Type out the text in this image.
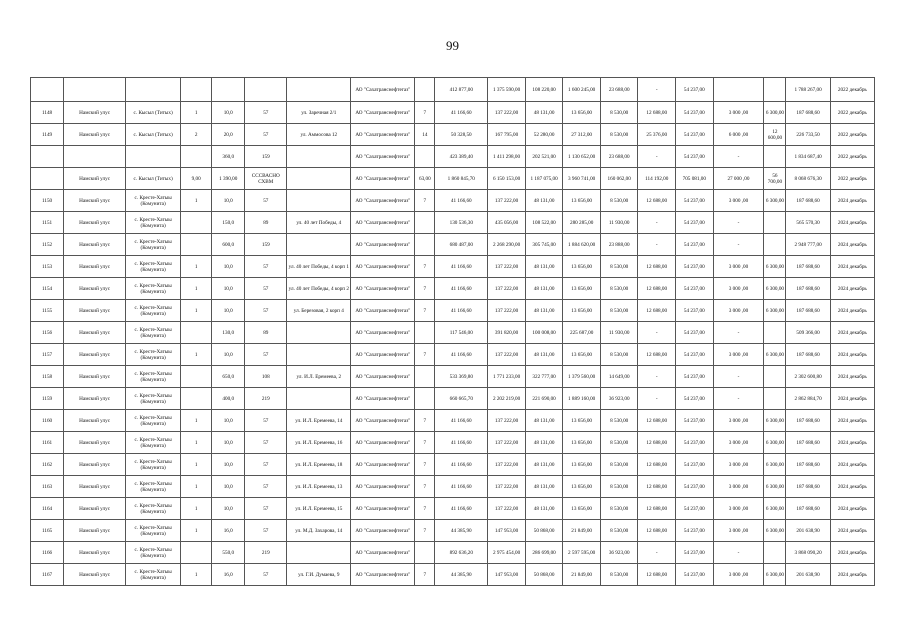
99
							АО "Сахатранснефтегаз"		412 877,00	1 375 590,00	108 220,00	1 600 245,00	23 688,00	-	54 237,00			1 788 267,00	2022 декабрь
1148	Намский улус	с. Кысыл (Титых)	1	10,0	57	ул. Заречная 2/1	АО "Сахатранснефтегаз"	7	41 166,60	137 222,00	48 131,00	13 656,00	8 530,00	12 688,00	54 237,00	3 000 ,00	6 300,00	187 688,60	2022 декабрь
1149	Намский улус	с. Кысыл (Титых)	2	20,0	57	ул. Аммосова 12	АО "Сахатранснефтегаз"	14	50 328,50	167 795,00	52 280,00	27 312,00	8 530,00	25 376,00	54 237,00	6 000 ,00	12 600,00	226 733,50	2022 декабрь
				360,0	159		АО "Сахатранснефтегаз"		423 389,40	1 411 298,00	202 521,00	1 130 652,00	23 688,00	-	54 237,00	-		1 834 687,40	2022 декабрь
	Намский улус	с. Кысыл (Титых)	9,00	1 390,00	СССВАСНО СХВМ		АО "Сахатранснефтегаз"	63,00	1 860 845,70	6 150 153,00	1 187 075,00	3 960 741,00	160 062,00	114 192,00	705 081,00	27 000 ,00	56 700,00	8 068 676,30	2022 декабрь
1150	Намский улус	с. Кресте-Хатыы (Комунита)	1	10,0	57		АО "Сахатранснефтегаз"	7	41 166,60	137 222,00	48 131,00	13 656,00	8 530,00	12 688,00	54 237,00	3 000 ,00	6 300,00	187 688,60	2024 декабрь
1151	Намский улус	с. Кресте-Хатыы (Комунита)		150,0	89	ул. 40 лет Победы, 4	АО "Сахатранснефтегаз"		130 536,30	435 056,00	108 522,00	280 285,00	11 930,00	-	54 237,00	-		565 570,30	2024 декабрь
1152	Намский улус	с. Кресте-Хатыы (Комунита)		600,0	159		АО "Сахатранснефтегаз"		680 487,00	2 268 290,00	305 745,00	1 884 620,00	23 888,00	-	54 237,00	-		2 948 777,00	2024 декабрь
1153	Намский улус	с. Кресте-Хатыы (Комунита)	1	10,0	57	ул. 40 лет Победы, 4 корп 1	АО "Сахатранснефтегаз"	7	41 166,60	137 222,00	48 131,00	13 656,00	8 530,00	12 688,00	54 237,00	3 000 ,00	6 300,00	187 688,60	2024 декабрь
1154	Намский улус	с. Кресте-Хатыы (Комунита)	1	10,0	57	ул. 40 лет Победы, 4 корп 2	АО "Сахатранснефтегаз"	7	41 166,60	137 222,00	48 131,00	13 656,00	8 530,00	12 688,00	54 237,00	3 000 ,00	6 300,00	187 688,60	2024 декабрь
1155	Намский улус	с. Кресте-Хатыы (Комунита)	1	10,0	57	ул. Березовая, 2 корп 4	АО "Сахатранснефтегаз"	7	41 166,60	137 222,00	48 131,00	13 656,00	8 530,00	12 688,00	54 237,00	3 000 ,00	6 300,00	187 688,60	2024 декабрь
1156	Намский улус	с. Кресте-Хатыы (Комунита)		130,0	89		АО "Сахатранснефтегаз"		117 546,00	391 820,00	100 008,00	225 687,00	11 930,00	-	54 237,00	-		509 366,00	2024 декабрь
1157	Намский улус	с. Кресте-Хатыы (Комунита)	1	10,0	57		АО "Сахатранснефтегаз"	7	41 166,60	137 222,00	48 131,00	13 656,00	8 530,00	12 688,00	54 237,00	3 000 ,00	6 300,00	187 688,60	2024 декабрь
1158	Намский улус	с. Кресте-Хатыы (Комунита)		650,0	108	ул. И.Л. Еремеева, 2	АО "Сахатранснефтегаз"		533 369,80	1 771 233,00	322 777,00	1 379 560,00	14 649,00	-	54 237,00	-		2 302 600,80	2024 декабрь
1159	Намский улус	с. Кресте-Хатыы (Комунита)		400,0	219		АО "Сахатранснефтегаз"		660 665,70	2 202 219,00	221 690,00	1 889 160,00	36 923,00	-	54 237,00	-		2 862 884,70	2024 декабрь
1160	Намский улус	с. Кресте-Хатыы (Комунита)	1	10,0	57	ул. И.Л. Еремеева, 14	АО "Сахатранснефтегаз"	7	41 166,60	137 222,00	48 131,00	13 656,00	8 530,00	12 688,00	54 237,00	3 000 ,00	6 300,00	187 688,60	2024 декабрь
1161	Намский улус	с. Кресте-Хатыы (Комунита)	1	10,0	57	ул. И.Л. Еремеева, 16	АО "Сахатранснефтегаз"	7	41 166,60	137 222,00	48 131,00	13 656,00	8 530,00	12 688,00	54 237,00	3 000 ,00	6 300,00	187 688,60	2024 декабрь
1162	Намский улус	с. Кресте-Хатыы (Комунита)	1	10,0	57	ул. И.Л. Еремеева, 18	АО "Сахатранснефтегаз"	7	41 166,60	137 222,00	48 131,00	13 656,00	8 530,00	12 688,00	54 237,00	3 000 ,00	6 300,00	187 688,60	2024 декабрь
1163	Намский улус	с. Кресте-Хатыы (Комунита)	1	10,0	57	ул. И.Л. Еремеева, 13	АО "Сахатранснефтегаз"	7	41 166,60	137 222,00	48 131,00	13 656,00	8 530,00	12 688,00	54 237,00	3 000 ,00	6 300,00	187 688,60	2024 декабрь
1164	Намский улус	с. Кресте-Хатыы (Комунита)	1	10,0	57	ул. И.Л. Еремеева, 15	АО "Сахатранснефтегаз"	7	41 166,60	137 222,00	48 131,00	13 656,00	8 530,00	12 688,00	54 237,00	3 000 ,00	6 300,00	187 688,60	2024 декабрь
1165	Намский улус	с. Кресте-Хатыы (Комунита)	1	16,0	57	ул. М.Д. Захарова, 14	АО "Сахатранснефтегаз"	7	44 385,90	147 953,00	50 868,00	21 849,00	8 530,00	12 688,00	54 237,00	3 000 ,00	6 300,00	201 638,90	2024 декабрь
1166	Намский улус	с. Кресте-Хатыы (Комунита)		550,0	219		АО "Сахатранснефтегаз"		892 636,20	2 975 454,00	286 699,00	2 597 595,00	36 923,00	-	54 237,00	-		3 868 090,20	2024 декабрь
1167	Намский улус	с. Кресте-Хатыы (Комунита)	1	16,0	57	ул. Г.И. Думаева, 9	АО "Сахатранснефтегаз"	7	44 385,90	147 953,00	50 868,00	21 849,00	8 530,00	12 688,00	54 237,00	3 000 ,00	6 300,00	201 638,90	2024 декабрь
